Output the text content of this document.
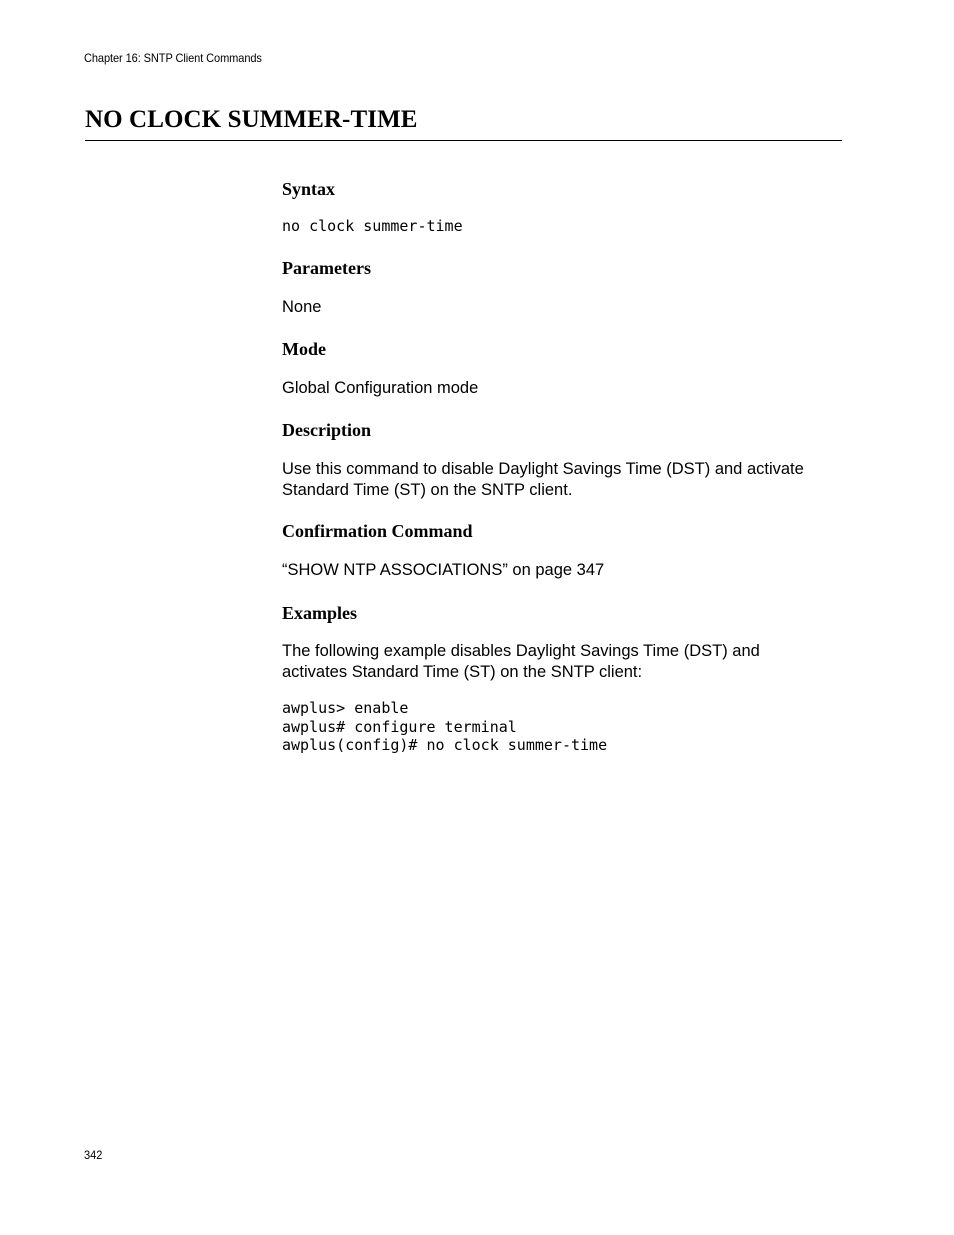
Chapter 16: SNTP Client Commands
NO CLOCK SUMMER-TIME
Syntax
no clock summer-time
Parameters

None

Mode

Global Configuration mode

Description

Use this command to disable Daylight Savings Time (DST) and activate

Standard Time (ST) on the SNTP client.

Confirmation Command

“SHOW NTP ASSOCIATIONS” on page 347

Examples

The following example disables Daylight Savings Time (DST) and

activates Standard Time (ST) on the SNTP client:

awplus> enable
awplus# configure terminal
awplus(config)# no clock summer-time
342
